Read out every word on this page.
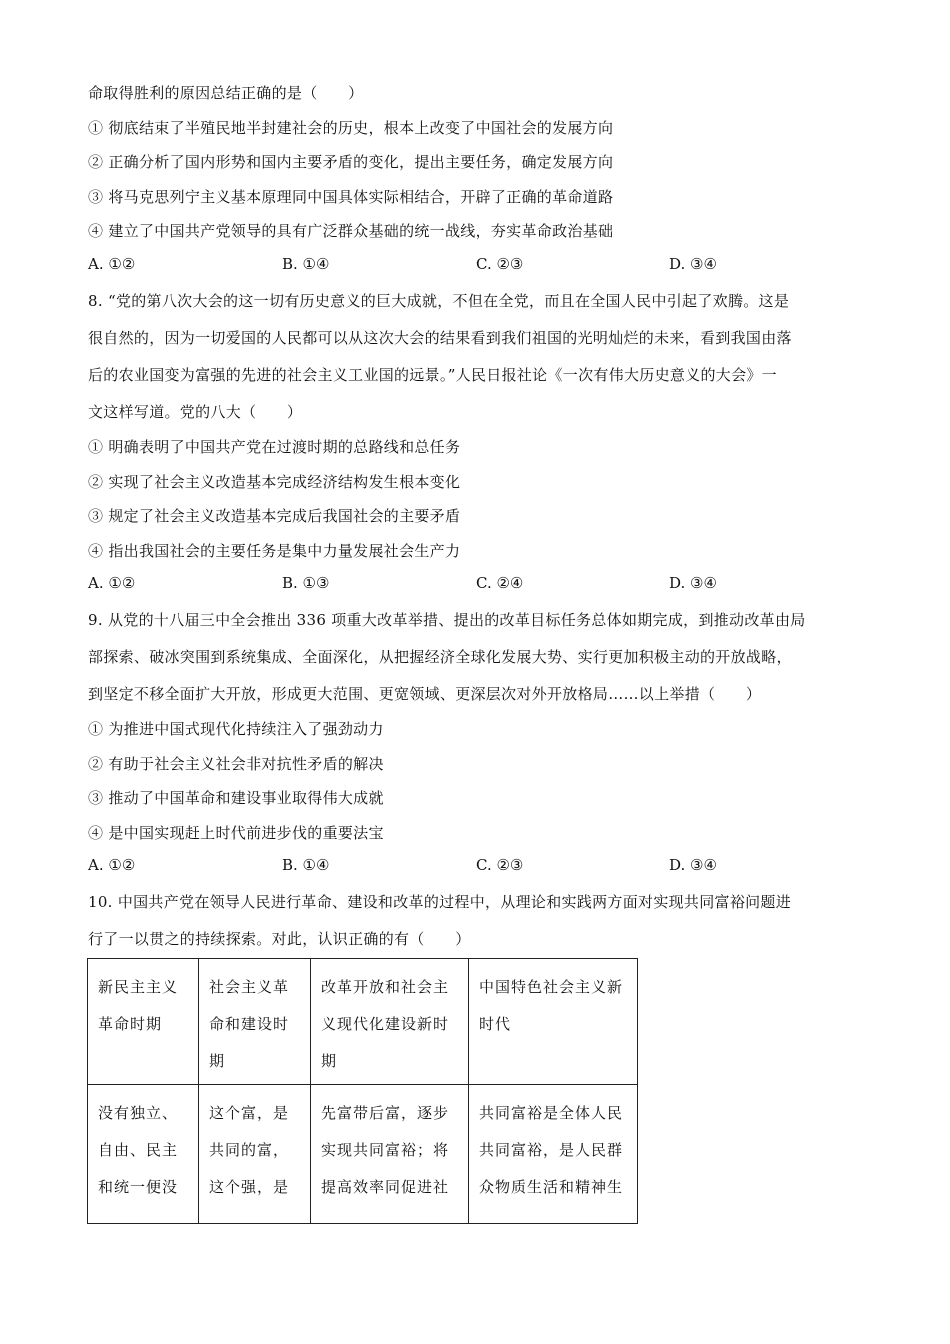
命取得胜利的原因总结正确的是（　　）
① 彻底结束了半殖民地半封建社会的历史，根本上改变了中国社会的发展方向
② 正确分析了国内形势和国内主要矛盾的变化，提出主要任务，确定发展方向
③ 将马克思列宁主义基本原理同中国具体实际相结合，开辟了正确的革命道路
④ 建立了中国共产党领导的具有广泛群众基础的统一战线，夯实革命政治基础
A. ①②	B. ①④	C. ②③	D. ③④
8. “党的第八次大会的这一切有历史意义的巨大成就，不但在全党，而且在全国人民中引起了欢腾。这是
很自然的，因为一切爱国的人民都可以从这次大会的结果看到我们祖国的光明灿烂的未来，看到我国由落
后的农业国变为富强的先进的社会主义工业国的远景。”人民日报社论《一次有伟大历史意义的大会》一
文这样写道。党的八大（　　）
① 明确表明了中国共产党在过渡时期的总路线和总任务
② 实现了社会主义改造基本完成经济结构发生根本变化
③ 规定了社会主义改造基本完成后我国社会的主要矛盾
④ 指出我国社会的主要任务是集中力量发展社会生产力
A. ①②	B. ①③	C. ②④	D. ③④
9. 从党的十八届三中全会推出 336 项重大改革举措、提出的改革目标任务总体如期完成，到推动改革由局
部探索、破冰突围到系统集成、全面深化，从把握经济全球化发展大势、实行更加积极主动的开放战略，
到坚定不移全面扩大开放，形成更大范围、更宽领域、更深层次对外开放格局……以上举措（　　）
① 为推进中国式现代化持续注入了强劲动力
② 有助于社会主义社会非对抗性矛盾的解决
③ 推动了中国革命和建设事业取得伟大成就
④ 是中国实现赶上时代前进步伐的重要法宝
A. ①②	B. ①④	C. ②③	D. ③④
10. 中国共产党在领导人民进行革命、建设和改革的过程中，从理论和实践两方面对实现共同富裕问题进
行了一以贯之的持续探索。对此，认识正确的有（　　）
新民主主义革命时期	社会主义革命和建设时期	改革开放和社会主义现代化建设新时期	中国特色社会主义新时代
没有独立、自由、民主和统一便没	这个富，是共同的富，这个强，是	先富带后富，逐步实现共同富裕；将提高效率同促进社	共同富裕是全体人民共同富裕，是人民群众物质生活和精神生
